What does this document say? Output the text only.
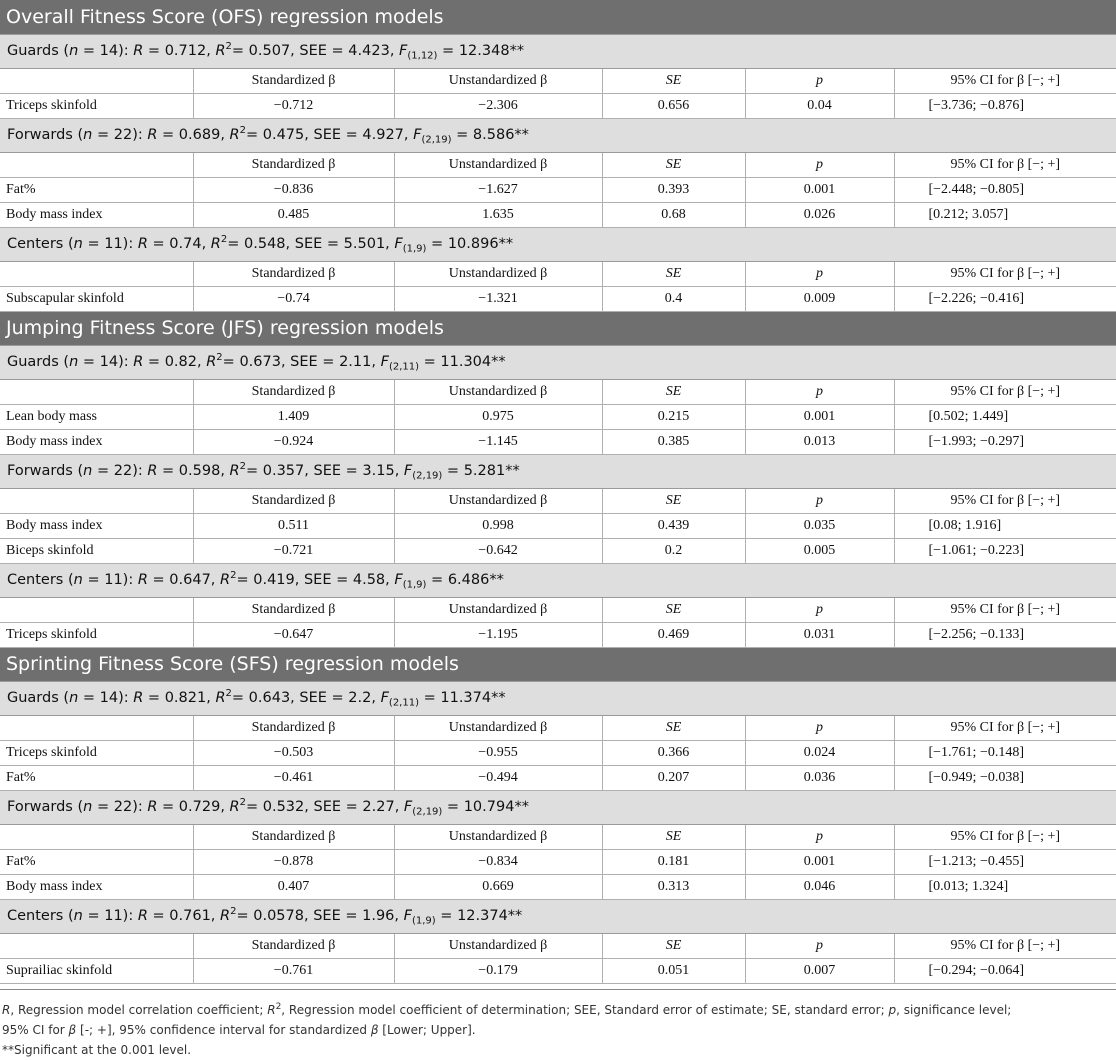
Overall Fitness Score (OFS) regression models					
Guards (n = 14): R = 0.712, $R^2= 0.507$, SEE = 4.423, $F_{(1,12)} = 12.348**$					
	Standardized β	Unstandardized β	SE	p	95% CI for β [−; +]
Triceps skinfold	−0.712	−2.306	0.656	0.04	[−3.736; −0.876]
Forwards (n = 22): R = 0.689, $R^2= 0.475$, SEE = 4.927, $F_{(2,19)} = 8.586**$					
	Standardized β	Unstandardized β	SE	p	95% CI for β [−; +]
Fat%	−0.836	−1.627	0.393	0.001	[−2.448; −0.805]
Body mass index	0.485	1.635	0.68	0.026	[0.212; 3.057]
Centers (n = 11): R = 0.74, $R^2= 0.548$, SEE = 5.501, $F_{(1,9)} = 10.896**$					
	Standardized β	Unstandardized β	SE	p	95% CI for β [−; +]
Subscapular skinfold	−0.74	−1.321	0.4	0.009	[−2.226; −0.416]
Jumping Fitness Score (JFS) regression models					
Guards (n = 14): R = 0.82, $R^2= 0.673$, SEE = 2.11, $F_{(2,11)} = 11.304**$					
	Standardized β	Unstandardized β	SE	p	95% CI for β [−; +]
Lean body mass	1.409	0.975	0.215	0.001	[0.502; 1.449]
Body mass index	−0.924	−1.145	0.385	0.013	[−1.993; −0.297]
Forwards (n = 22): R = 0.598, $R^2= 0.357$, SEE = 3.15, $F_{(2,19)} = 5.281**$					
	Standardized β	Unstandardized β	SE	p	95% CI for β [−; +]
Body mass index	0.511	0.998	0.439	0.035	[0.08; 1.916]
Biceps skinfold	−0.721	−0.642	0.2	0.005	[−1.061; −0.223]
Centers (n = 11): R = 0.647, $R^2= 0.419$, SEE = 4.58, $F_{(1,9)} = 6.486**$					
	Standardized β	Unstandardized β	SE	p	95% CI for β [−; +]
Triceps skinfold	−0.647	−1.195	0.469	0.031	[−2.256; −0.133]
Sprinting Fitness Score (SFS) regression models					
Guards (n = 14): R = 0.821, $R^2= 0.643$, SEE = 2.2, $F_{(2,11)} = 11.374**$					
	Standardized β	Unstandardized β	SE	p	95% CI for β [−; +]
Triceps skinfold	−0.503	−0.955	0.366	0.024	[−1.761; −0.148]
Fat%	−0.461	−0.494	0.207	0.036	[−0.949; −0.038]
Forwards (n = 22): R = 0.729, $R^2= 0.532$, SEE = 2.27, $F_{(2,19)} = 10.794**$					
	Standardized β	Unstandardized β	SE	p	95% CI for β [−; +]
Fat%	−0.878	−0.834	0.181	0.001	[−1.213; −0.455]
Body mass index	0.407	0.669	0.313	0.046	[0.013; 1.324]
Centers (n = 11): R = 0.761, $R^2= 0.0578$, SEE = 1.96, $F_{(1,9)} = 12.374**$					
	Standardized β	Unstandardized β	SE	p	95% CI for β [−; +]
Suprailiac skinfold	−0.761	−0.179	0.051	0.007	[−0.294; −0.064]
R, Regression model correlation coefficient; $R^2$, Regression model coefficient of determination; SEE, Standard error of estimate; SE, standard error; p, significance level;
95% CI for β [-; +], 95% confidence interval for standardized β [Lower; Upper].
**Significant at the 0.001 level.
